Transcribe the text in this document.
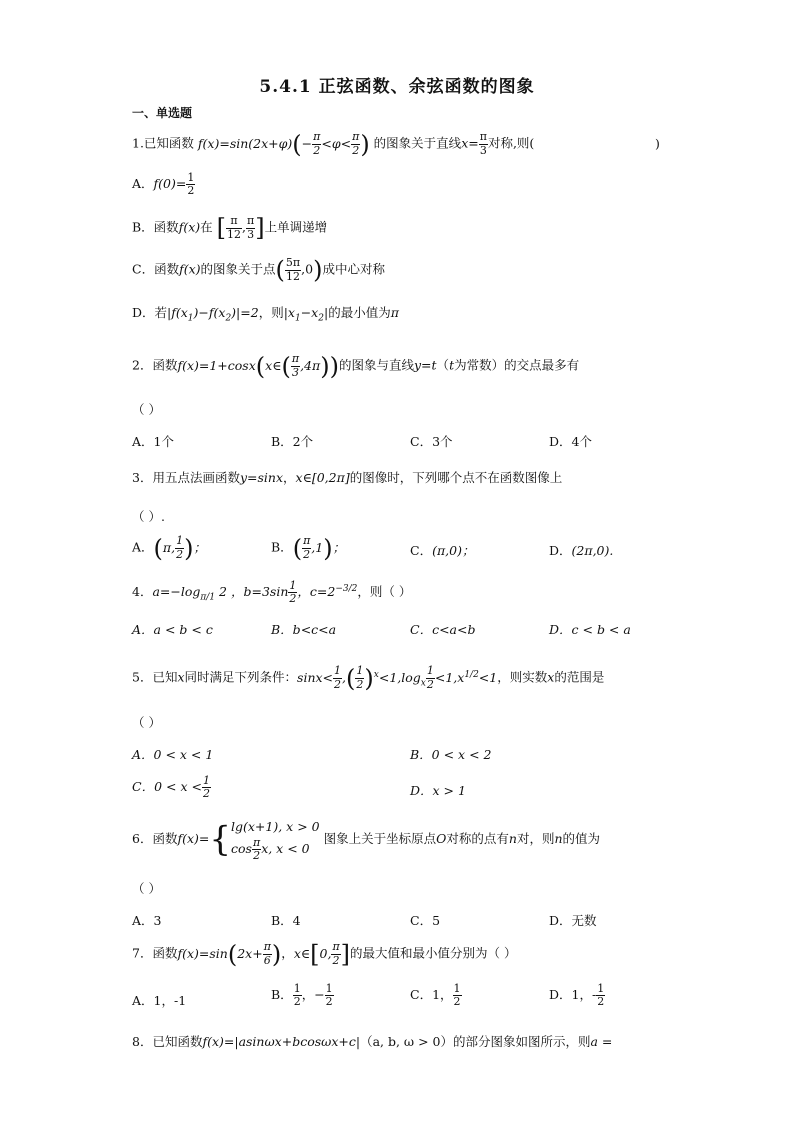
5.4.1 正弦函数、余弦函数的图象
一、单选题
1.已知函数 $f(x)=\sin(2x+\varphi)(- \frac{\pi}{2} <\varphi< \frac{\pi}{2}$ ) 的图象关于直线$x= \frac{\pi}{3}$ 对称,则(	)
A．$f(0)= \frac{1}{2}$
B．函数f(x)在 [ $\frac{\pi}{12}$ , $\frac{\pi}{3}$ ]上单调递增
C．函数f(x)的图象关于点( $\frac{5\pi}{12} ,0$)成中心对称
D．若$|f(x_1)-f(x_2)|=2$，则$|x_1-x_2|$的最小值为π
2．函数f(x)=1+cosx(x∈( $\frac{\pi}{3} ,4\pi$))的图象与直线y=t（t为常数）的交点最多有
（ ）
A．1个	B．2个	C．3个	D．4个
3．用五点法画函数y=sinx，x∈[0,2π]的图像时，下列哪个点不在函数图像上
（ ）.
A．(π, $\frac{1}{2}$ )；	B．( $\frac{\pi}{2} ,1$)；	C．(π,0)；	D．(2π,0).
4．$a=-\log_{\pi/1}$ 2 ，$b=3\sin \frac{1}{2}$ ，$c=2^{-3/2}$，则（ ）
A．a < b < c	B．b<c<a	C．c<a<b	D．c < b < a
5．已知x同时满足下列条件：$\sin x< \frac{1}{2}$ ,( $\frac{1}{2} )^x<1,\log_x \frac{1}{2} <1,x^{1/2}<1$，则实数x的范围是
（ ）
A．0 < x < 1	B．0 < x < 2
C．$0 < x < \frac{1}{2}$	D．x > 1
6．函数f(x)={ lg(x+1), x > 0
$\cos \frac{\pi}{2} x$, x < 0
图象上关于坐标原点O对称的点有n对，则n的值为
（ ）
A．3	B．4	C．5	D．无数
7．函数$f(x)=\sin(2x+ \frac{\pi}{6}$ )，x∈[0, $\frac{\pi}{2}$ ]的最大值和最小值分别为（ ）
A．1，-1	B． $\frac{1}{2}$ ，− $\frac{1}{2}$	C．1， $\frac{1}{2}$	D．1，- $\frac{1}{2}$
8．已知函数f(x)=|asinωx+bcosωx+c|（a, b, ω > 0）的部分图象如图所示，则a =
